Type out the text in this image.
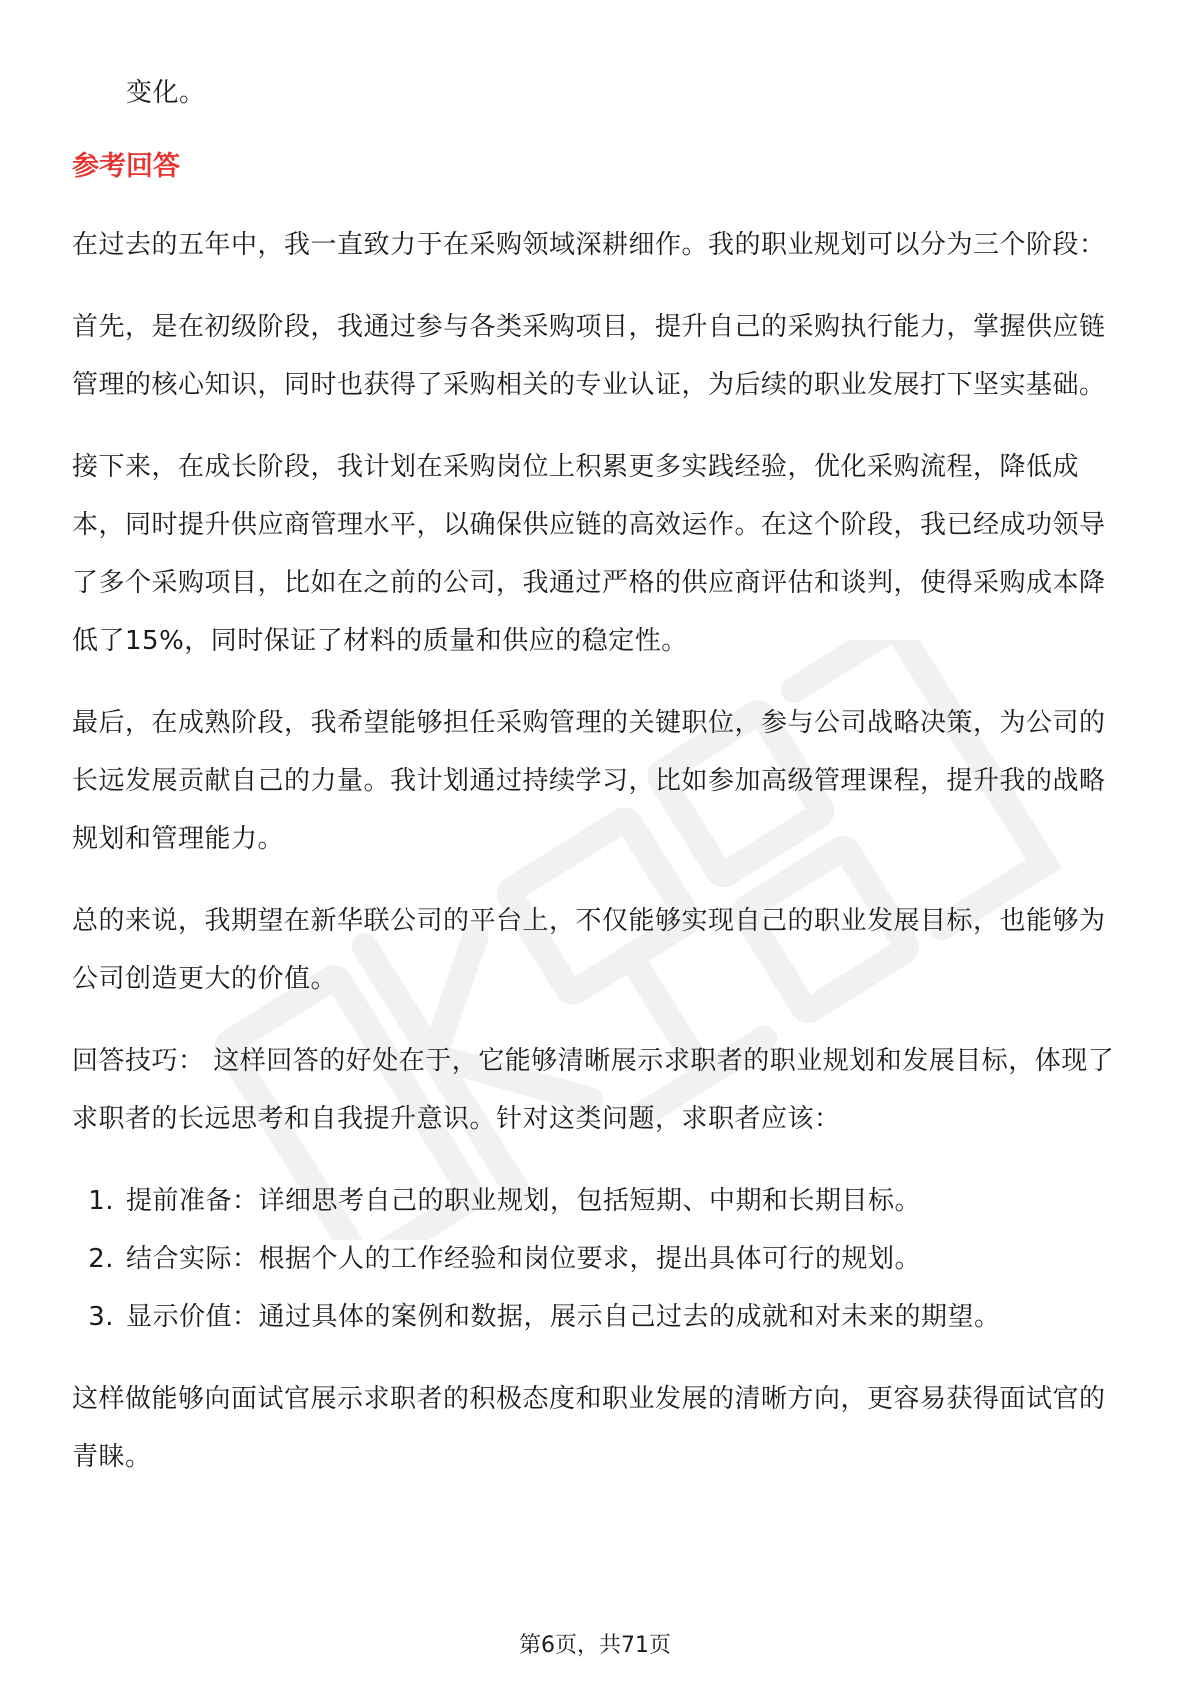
变化。

参考回答

在过去的五年中，我一直致力于在采购领域深耕细作。我的职业规划可以分为三个阶段：

首先，是在初级阶段，我通过参与各类采购项目，提升自己的采购执行能力，掌握供应链管理的核心知识，同时也获得了采购相关的专业认证，为后续的职业发展打下坚实基础。

接下来，在成长阶段，我计划在采购岗位上积累更多实践经验，优化采购流程，降低成本，同时提升供应商管理水平，以确保供应链的高效运作。在这个阶段，我已经成功领导了多个采购项目，比如在之前的公司，我通过严格的供应商评估和谈判，使得采购成本降低了15%，同时保证了材料的质量和供应的稳定性。

最后，在成熟阶段，我希望能够担任采购管理的关键职位，参与公司战略决策，为公司的长远发展贡献自己的力量。我计划通过持续学习，比如参加高级管理课程，提升我的战略规划和管理能力。

总的来说，我期望在新华联公司的平台上，不仅能够实现自己的职业发展目标，也能够为公司创造更大的价值。

回答技巧： 这样回答的好处在于，它能够清晰展示求职者的职业规划和发展目标，体现了求职者的长远思考和自我提升意识。针对这类问题，求职者应该：

1. 提前准备：详细思考自己的职业规划，包括短期、中期和长期目标。
2. 结合实际：根据个人的工作经验和岗位要求，提出具体可行的规划。
3. 显示价值：通过具体的案例和数据，展示自己过去的成就和对未来的期望。

这样做能够向面试官展示求职者的积极态度和职业发展的清晰方向，更容易获得面试官的青睐。

第6页，共71页
